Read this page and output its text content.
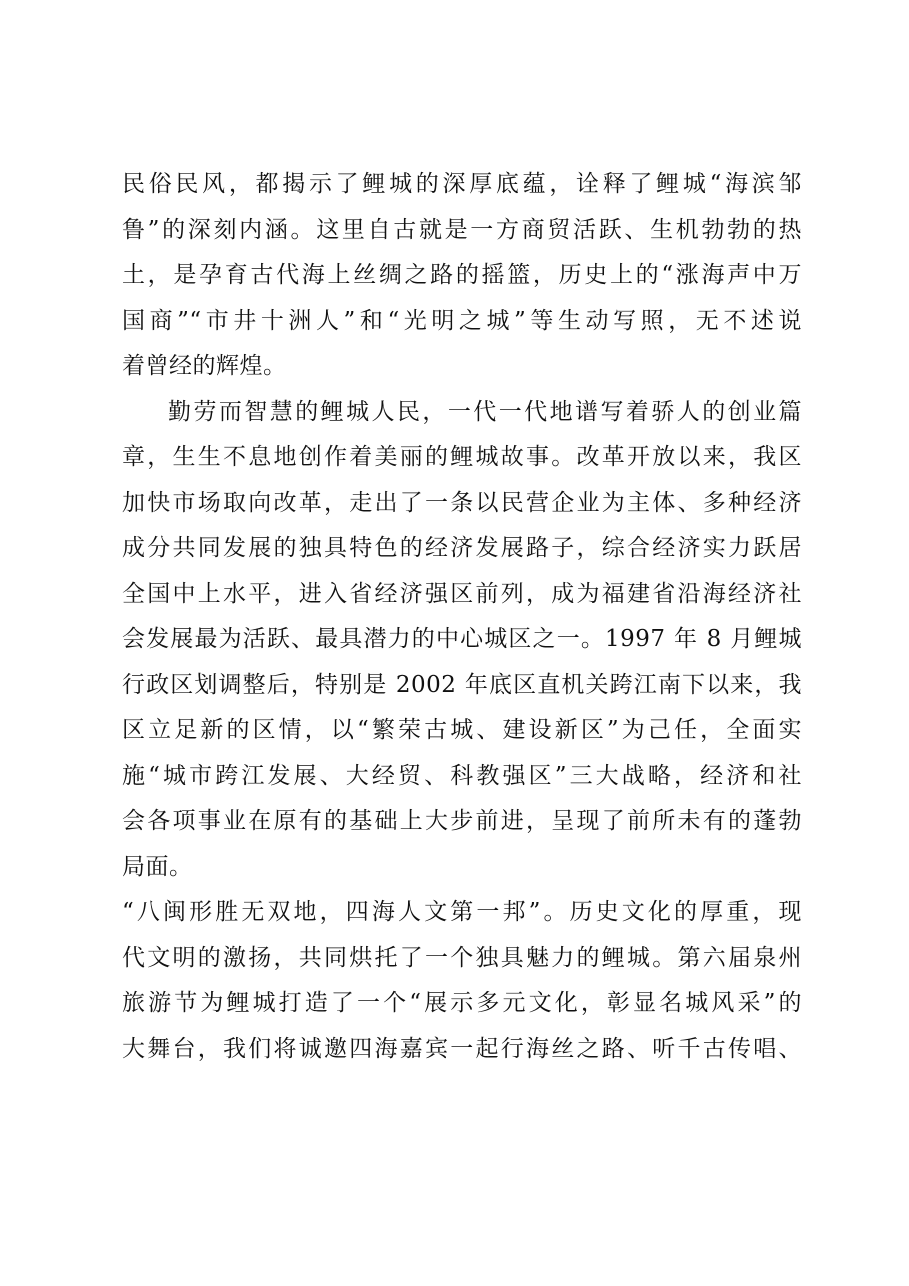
民俗民风，都揭示了鲤城的深厚底蕴，诠释了鲤城“海滨邹
鲁”的深刻内涵。这里自古就是一方商贸活跃、生机勃勃的热
土，是孕育古代海上丝绸之路的摇篮，历史上的“涨海声中万
国商”“市井十洲人”和“光明之城”等生动写照，无不述说
着曾经的辉煌。
勤劳而智慧的鲤城人民，一代一代地谱写着骄人的创业篇
章，生生不息地创作着美丽的鲤城故事。改革开放以来，我区
加快市场取向改革，走出了一条以民营企业为主体、多种经济
成分共同发展的独具特色的经济发展路子，综合经济实力跃居
全国中上水平，进入省经济强区前列，成为福建省沿海经济社
会发展最为活跃、最具潜力的中心城区之一。1997 年 8 月鲤城
行政区划调整后，特别是 2002 年底区直机关跨江南下以来，我
区立足新的区情，以“繁荣古城、建设新区”为己任，全面实
施“城市跨江发展、大经贸、科教强区”三大战略，经济和社
会各项事业在原有的基础上大步前进，呈现了前所未有的蓬勃
局面。
“八闽形胜无双地，四海人文第一邦”。历史文化的厚重，现
代文明的激扬，共同烘托了一个独具魅力的鲤城。第六届泉州
旅游节为鲤城打造了一个“展示多元文化，彰显名城风采”的
大舞台，我们将诚邀四海嘉宾一起行海丝之路、听千古传唱、
